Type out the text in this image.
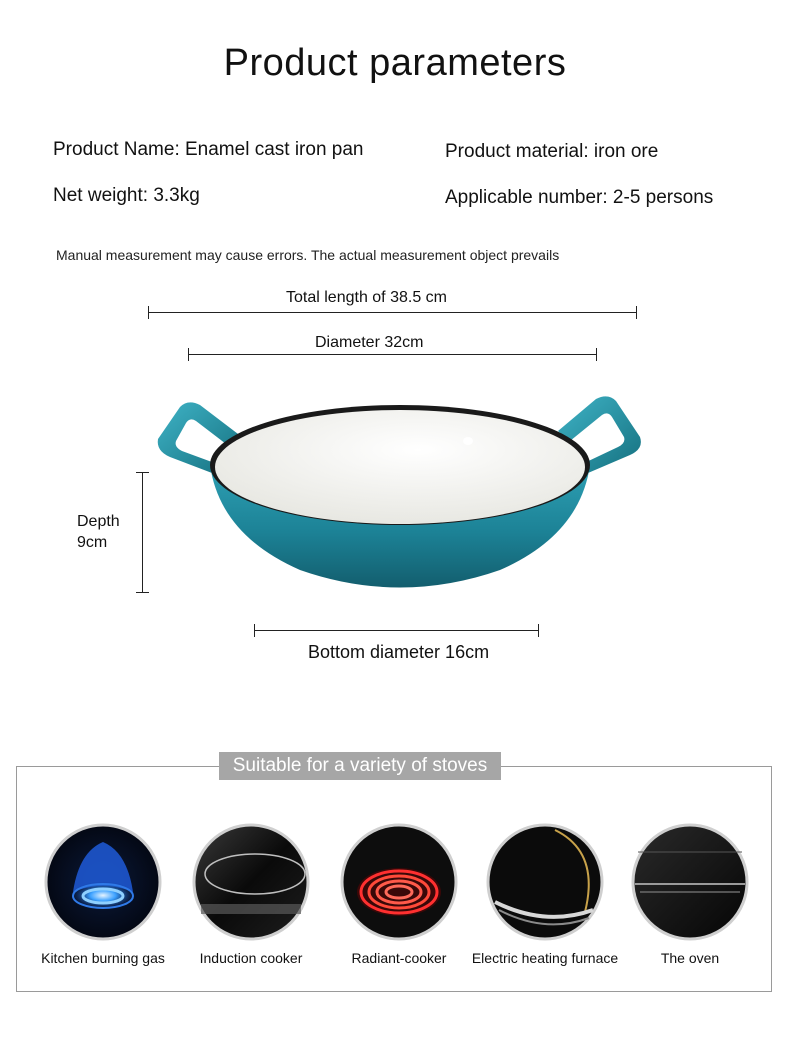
Product parameters
Product Name: Enamel cast iron pan	Product material: iron ore
Net weight: 3.3kg	Applicable number: 2-5 persons
Manual measurement may cause errors. The actual measurement object prevails
Total length of 38.5 cm
Diameter 32cm
Depth
9cm
Bottom diameter 16cm
Suitable for a variety of stoves
Kitchen burning gas	Induction cooker	Radiant-cooker	Electric heating furnace	The oven
